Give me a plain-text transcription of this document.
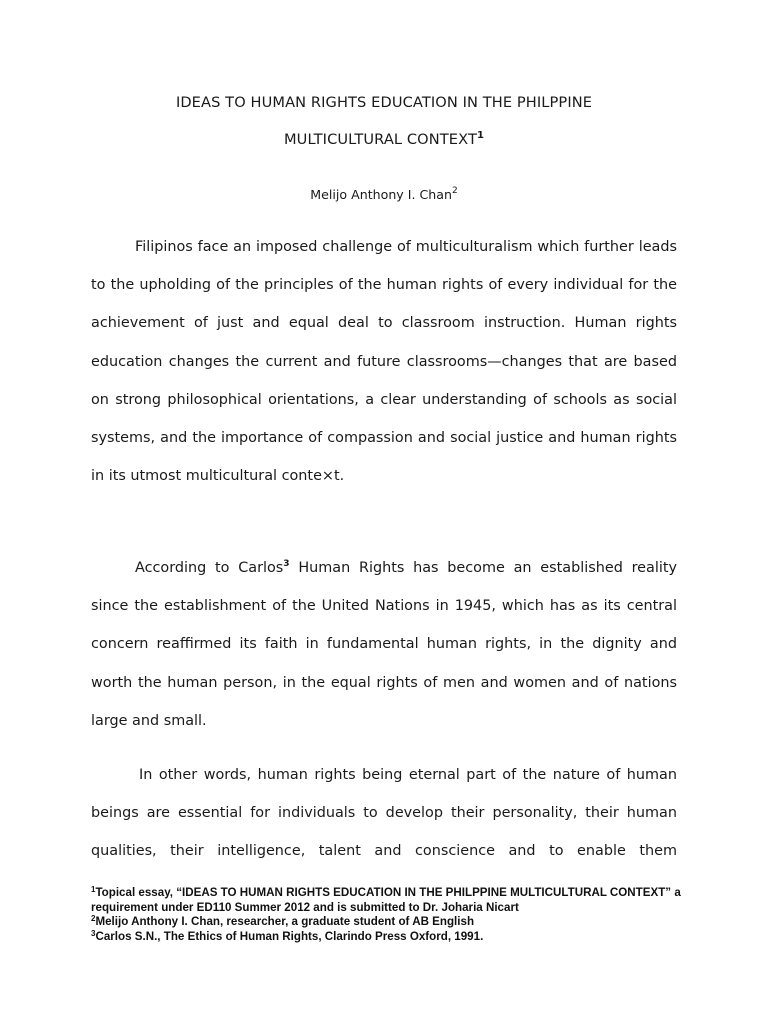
IDEAS TO HUMAN RIGHTS EDUCATION IN THE PHILPPINE
MULTICULTURAL CONTEXT$^1$
Melijo Anthony I. Chan$^2$
Filipinos face an imposed challenge of multiculturalism which further leads to the upholding of the principles of the human rights of every individual for the achievement of just and equal deal to classroom instruction. Human rights education changes the current and future classrooms—changes that are based on strong philosophical orientations, a clear understanding of schools as social systems, and the importance of compassion and social justice and human rights in its utmost multicultural conte×t.
According to Carlos$^3$ Human Rights has become an established reality since the establishment of the United Nations in 1945, which has as its central concern reaffirmed its faith in fundamental human rights, in the dignity and worth the human person, in the equal rights of men and women and of nations large and small.
In other words, human rights being eternal part of the nature of human beings are essential for individuals to develop their personality, their human qualities, their intelligence, talent and conscience and to enable them

$^1$Topical essay, “IDEAS TO HUMAN RIGHTS EDUCATION IN THE PHILPPINE MULTICULTURAL CONTEXT” a requirement under ED110 Summer 2012 and is submitted to Dr. Joharia Nicart

$^2$Melijo Anthony I. Chan, researcher, a graduate student of AB English

$^3$Carlos S.N., The Ethics of Human Rights, Clarindo Press Oxford, 1991.
